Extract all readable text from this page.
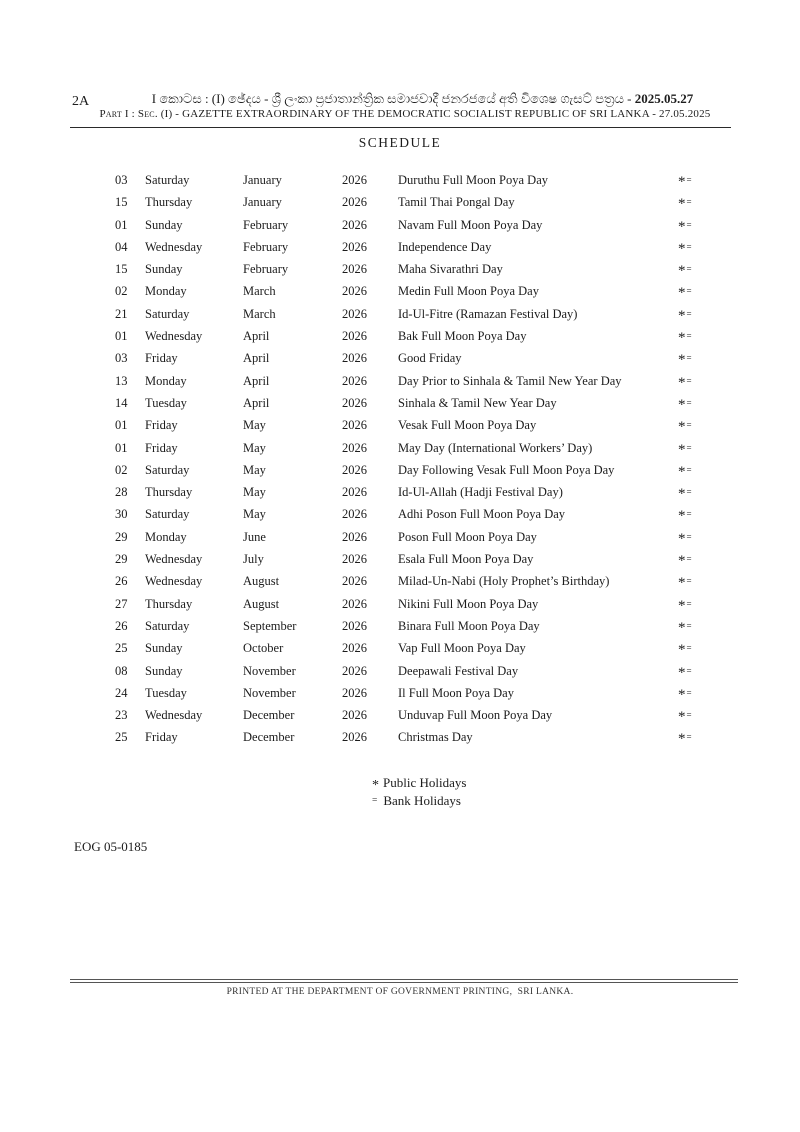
2A	I කොටස : (I) ඡේදය - ශ්‍රී ලංකා ප්‍රජාතාන්ත්‍රික සමාජවාදී ජනරජයේ අති විශෙෂ ගැසට් පත්‍රය - 2025.05.27
Part I : Sec. (I) - GAZETTE EXTRAORDINARY OF THE DEMOCRATIC SOCIALIST REPUBLIC OF SRI LANKA - 27.05.2025
SCHEDULE
03	Saturday	January	2026	Duruthu Full Moon Poya Day	*=
15	Thursday	January	2026	Tamil Thai Pongal Day	*=
01	Sunday	February	2026	Navam Full Moon Poya Day	*=
04	Wednesday	February	2026	Independence Day	*=
15	Sunday	February	2026	Maha Sivarathri Day	*=
02	Monday	March	2026	Medin Full Moon Poya Day	*=
21	Saturday	March	2026	Id-Ul-Fitre (Ramazan Festival Day)	*=
01	Wednesday	April	2026	Bak Full Moon Poya Day	*=
03	Friday	April	2026	Good Friday	*=
13	Monday	April	2026	Day Prior to Sinhala & Tamil New Year Day	*=
14	Tuesday	April	2026	Sinhala & Tamil New Year Day	*=
01	Friday	May	2026	Vesak Full Moon Poya Day	*=
01	Friday	May	2026	May Day (International Workers’ Day)	*=
02	Saturday	May	2026	Day Following Vesak Full Moon Poya Day	*=
28	Thursday	May	2026	Id-Ul-Allah (Hadji Festival Day)	*=
30	Saturday	May	2026	Adhi Poson Full Moon Poya Day	*=
29	Monday	June	2026	Poson Full Moon Poya Day	*=
29	Wednesday	July	2026	Esala Full Moon Poya Day	*=
26	Wednesday	August	2026	Milad-Un-Nabi (Holy Prophet’s Birthday)	*=
27	Thursday	August	2026	Nikini Full Moon Poya Day	*=
26	Saturday	September	2026	Binara Full Moon Poya Day	*=
25	Sunday	October	2026	Vap Full Moon Poya Day	*=
08	Sunday	November	2026	Deepawali Festival Day	*=
24	Tuesday	November	2026	Il Full Moon Poya Day	*=
23	Wednesday	December	2026	Unduvap Full Moon Poya Day	*=
25	Friday	December	2026	Christmas Day	*=
* Public Holidays
= Bank Holidays
EOG 05-0185
PRINTED AT THE DEPARTMENT OF GOVERNMENT PRINTING,  SRI LANKA.
